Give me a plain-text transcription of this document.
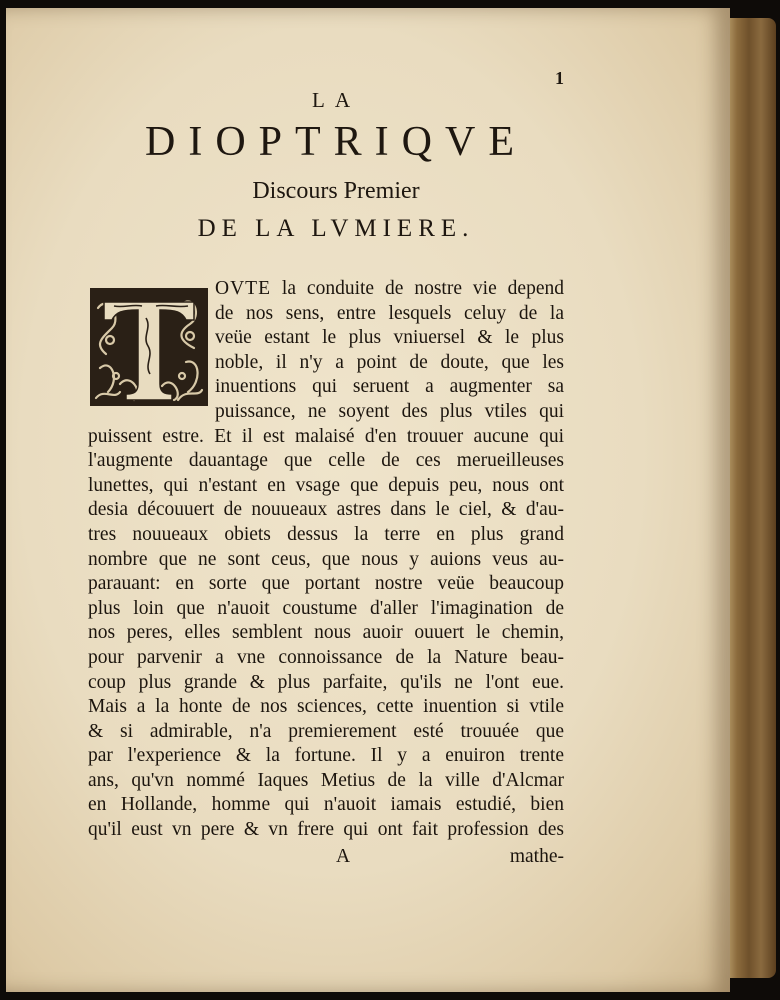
1
LA
DIOPTRIQVE
Discours Premier
DE LA LVMIERE.
OVTE la conduite de nostre vie depend
de nos sens, entre lesquels celuy de la
veüe estant le plus vniuersel & le plus
noble, il n'y a point de doute, que les
inuentions qui seruent a augmenter sa
puissance, ne soyent des plus vtiles qui
puissent estre. Et il est malaisé d'en trouuer aucune qui
l'augmente dauantage que celle de ces merueilleuses
lunettes, qui n'estant en vsage que depuis peu, nous ont
desia découuert de nouueaux astres dans le ciel, & d'au-
tres nouueaux obiets dessus la terre en plus grand
nombre que ne sont ceus, que nous y auions veus au-
parauant: en sorte que portant nostre veüe beaucoup
plus loin que n'auoit coustume d'aller l'imagination de
nos peres, elles semblent nous auoir ouuert le chemin,
pour parvenir a vne connoissance de la Nature beau-
coup plus grande & plus parfaite, qu'ils ne l'ont eue.
Mais a la honte de nos sciences, cette inuention si vtile
& si admirable, n'a premierement esté trouuée que
par l'experience & la fortune. Il y a enuiron trente
ans, qu'vn nommé Iaques Metius de la ville d'Alcmar
en Hollande, homme qui n'auoit iamais estudié, bien
qu'il eust vn pere & vn frere qui ont fait profession des
A	mathe-
